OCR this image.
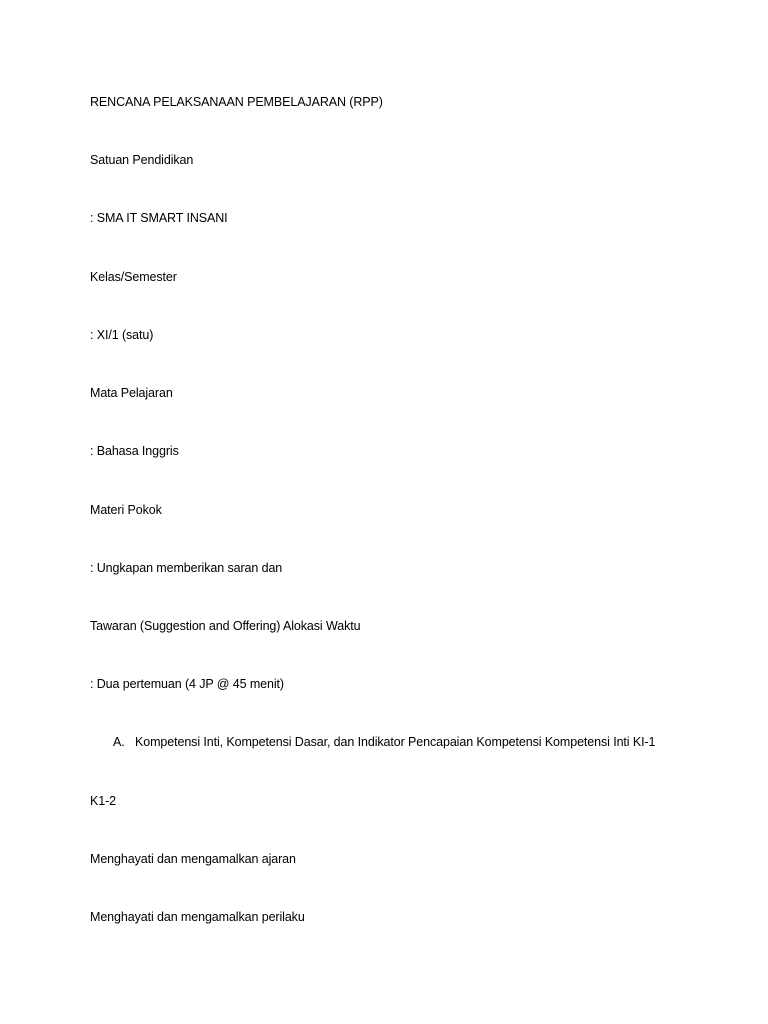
RENCANA PELAKSANAAN PEMBELAJARAN (RPP)
Satuan Pendidikan
: SMA IT SMART INSANI
Kelas/Semester
: XI/1 (satu)
Mata Pelajaran
: Bahasa Inggris
Materi Pokok
: Ungkapan memberikan saran dan
Tawaran (Suggestion and Offering) Alokasi Waktu
: Dua pertemuan (4 JP @ 45 menit)
A. Kompetensi Inti, Kompetensi Dasar, dan Indikator Pencapaian Kompetensi Kompetensi Inti KI-1
K1-2
Menghayati dan mengamalkan ajaran
Menghayati dan mengamalkan perilaku
